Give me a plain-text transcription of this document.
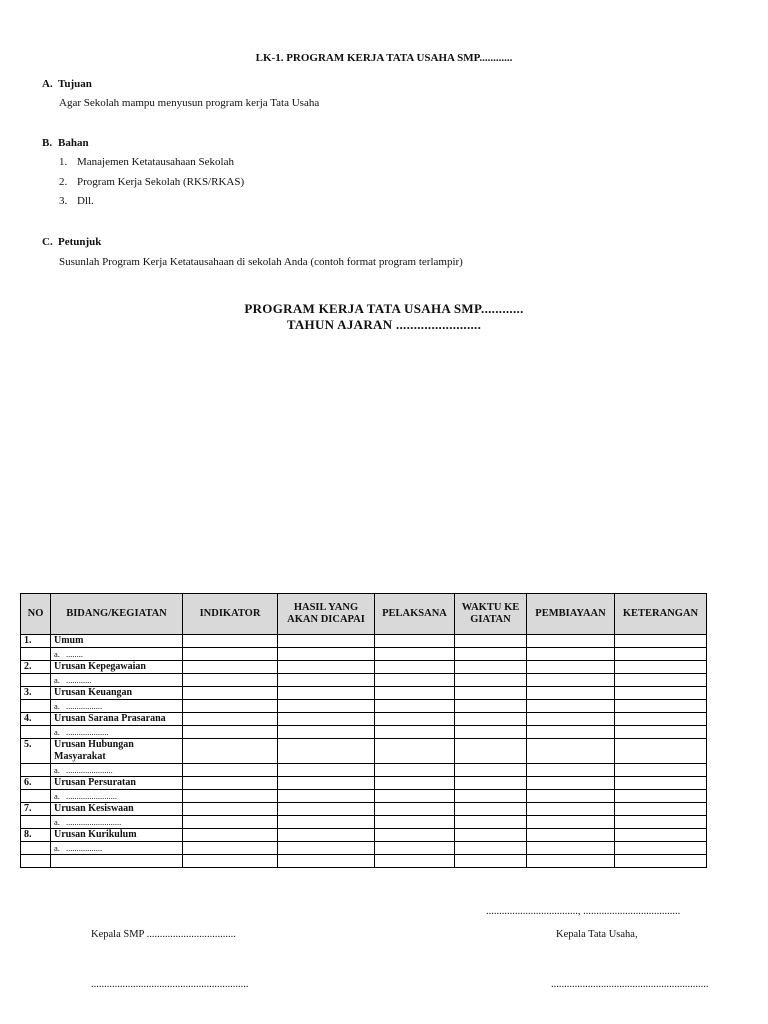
LK-1. PROGRAM KERJA TATA USAHA SMP............
A. Tujuan
Agar Sekolah mampu menyusun program kerja Tata Usaha
B. Bahan
1. Manajemen Ketatausahaan Sekolah
2. Program Kerja Sekolah (RKS/RKAS)
3. Dll.
C. Petunjuk
Susunlah Program Kerja Ketatausahaan di sekolah Anda (contoh format program terlampir)
PROGRAM KERJA TATA USAHA SMP............
TAHUN AJARAN ........................
NO	BIDANG/KEGIATAN	INDIKATOR	HASIL YANG AKAN DICAPAI	PELAKSANA	WAKTU KEGIATAN	PEMBIAYAAN	KETERANGAN
1.	Umum						
	a. ........						
2.	Urusan Kepegawaian						
	a. ............						
3.	Urusan Keuangan						
	a. .................						
4.	Urusan Sarana Prasarana						
	a. ....................						
5.	Urusan Hubungan Masyarakat						
	a. ......................						
6.	Urusan Persuratan						
	a. ........................						
7.	Urusan Kesiswaan						
	a. ..........................						
8.	Urusan Kurikulum						
	a. .................						

..................................., .....................................
Kepala SMP ..................................	Kepala Tata Usaha,
............................................................	............................................................
